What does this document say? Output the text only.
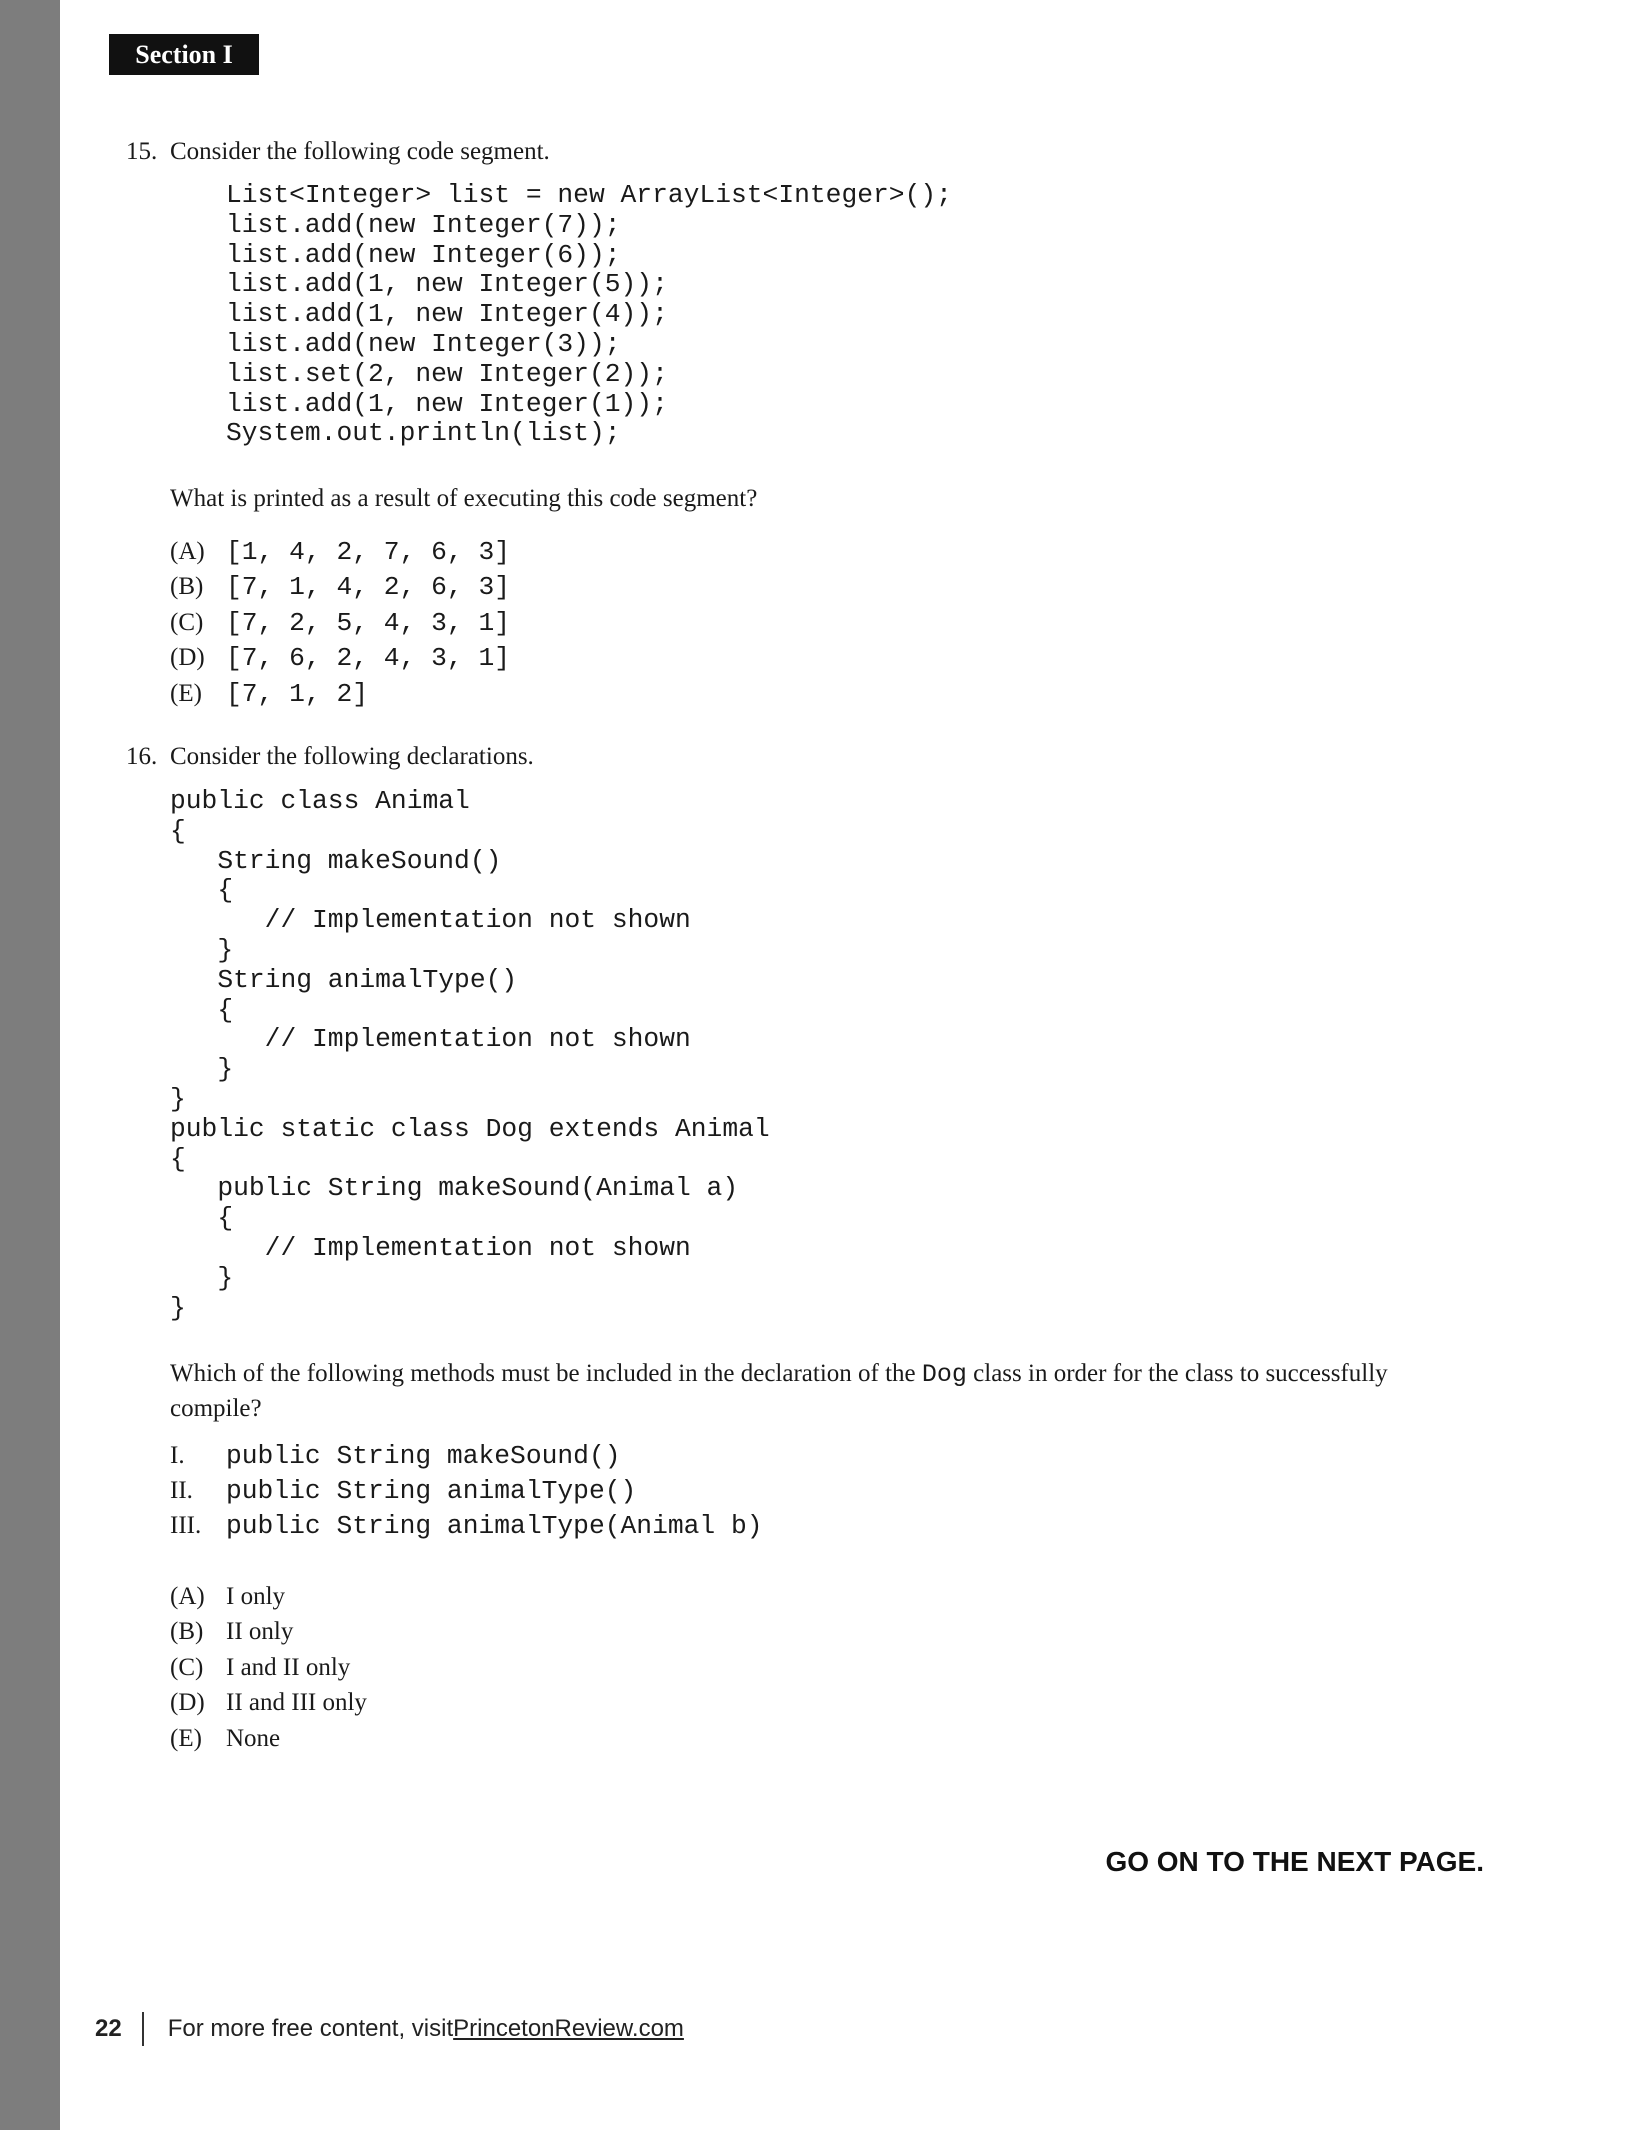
Section I
15. Consider the following code segment.
List<Integer> list = new ArrayList<Integer>();
list.add(new Integer(7));
list.add(new Integer(6));
list.add(1, new Integer(5));
list.add(1, new Integer(4));
list.add(new Integer(3));
list.set(2, new Integer(2));
list.add(1, new Integer(1));
System.out.println(list);
What is printed as a result of executing this code segment?
(A) [1, 4, 2, 7, 6, 3]
(B) [7, 1, 4, 2, 6, 3]
(C) [7, 2, 5, 4, 3, 1]
(D) [7, 6, 2, 4, 3, 1]
(E) [7, 1, 2]
16. Consider the following declarations.
public class Animal
{
String makeSound()
{
// Implementation not shown
}
String animalType()
{
// Implementation not shown
}
}
public static class Dog extends Animal
{
public String makeSound(Animal a)
{
// Implementation not shown
}
}
Which of the following methods must be included in the declaration of the Dog class in order for the class to successfully compile?
I.	public String makeSound()
II.	public String animalType()
III. public String animalType(Animal b)
(A) I only
(B) II only
(C) I and II only
(D) II and III only
(E) None
GO ON TO THE NEXT PAGE.
22 For more free content, visit PrincetonReview.com
